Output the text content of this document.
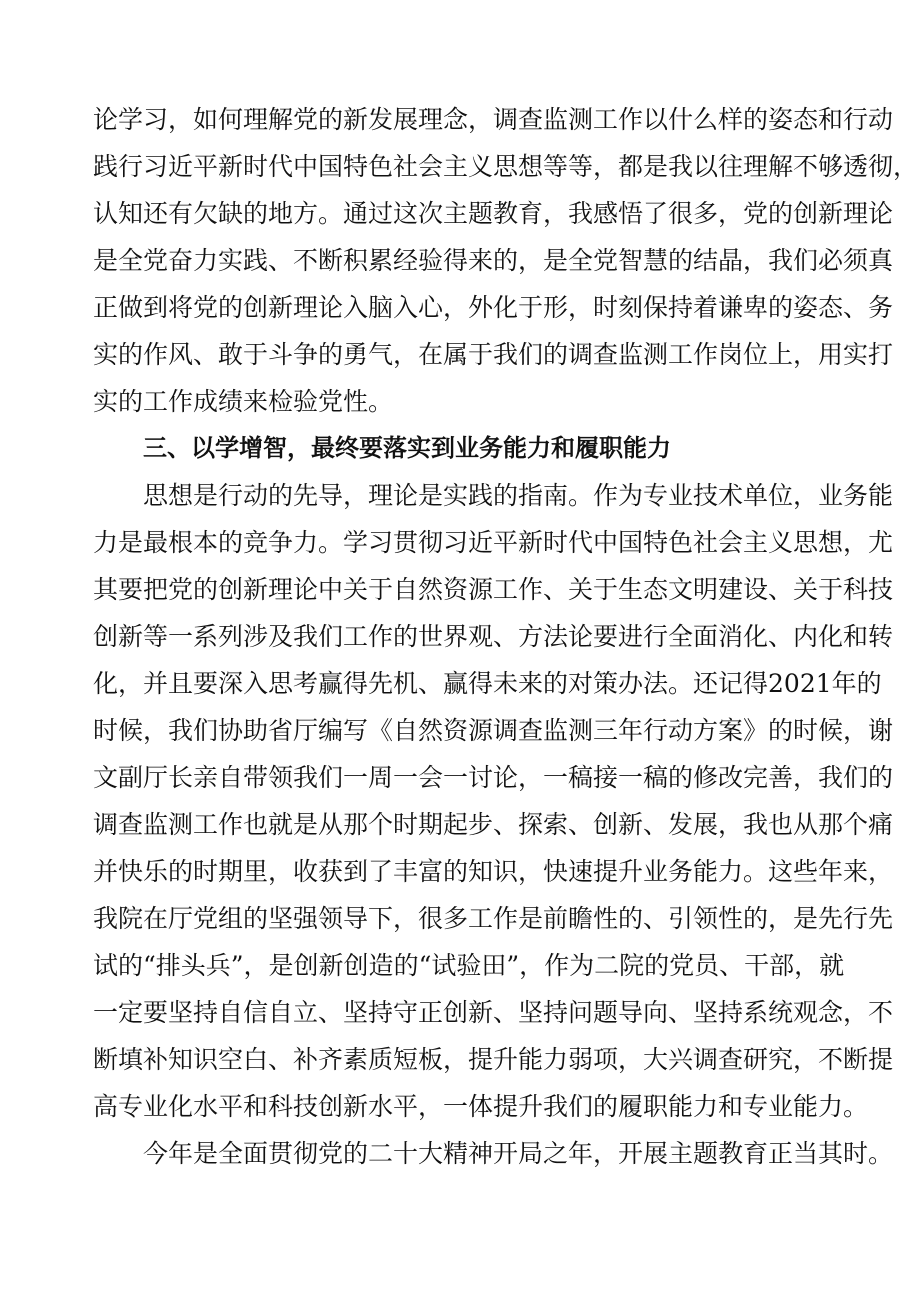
论学习，如何理解党的新发展理念，调查监测工作以什么样的姿态和行动
践行习近平新时代中国特色社会主义思想等等，都是我以往理解不够透彻，
认知还有欠缺的地方。通过这次主题教育，我感悟了很多，党的创新理论
是全党奋力实践、不断积累经验得来的，是全党智慧的结晶，我们必须真
正做到将党的创新理论入脑入心，外化于形，时刻保持着谦卑的姿态、务
实的作风、敢于斗争的勇气，在属于我们的调查监测工作岗位上，用实打
实的工作成绩来检验党性。
三、以学增智，最终要落实到业务能力和履职能力
思想是行动的先导，理论是实践的指南。作为专业技术单位，业务能
力是最根本的竞争力。学习贯彻习近平新时代中国特色社会主义思想，尤
其要把党的创新理论中关于自然资源工作、关于生态文明建设、关于科技
创新等一系列涉及我们工作的世界观、方法论要进行全面消化、内化和转
化，并且要深入思考赢得先机、赢得未来的对策办法。还记得2021年的
时候，我们协助省厅编写《自然资源调查监测三年行动方案》的时候，谢
文副厅长亲自带领我们一周一会一讨论，一稿接一稿的修改完善，我们的
调查监测工作也就是从那个时期起步、探索、创新、发展，我也从那个痛
并快乐的时期里，收获到了丰富的知识，快速提升业务能力。这些年来，
我院在厅党组的坚强领导下，很多工作是前瞻性的、引领性的，是先行先
试的“排头兵”，是创新创造的“试验田”，作为二院的党员、干部，就
一定要坚持自信自立、坚持守正创新、坚持问题导向、坚持系统观念，不
断填补知识空白、补齐素质短板，提升能力弱项，大兴调查研究，不断提
高专业化水平和科技创新水平，一体提升我们的履职能力和专业能力。
今年是全面贯彻党的二十大精神开局之年，开展主题教育正当其时。
